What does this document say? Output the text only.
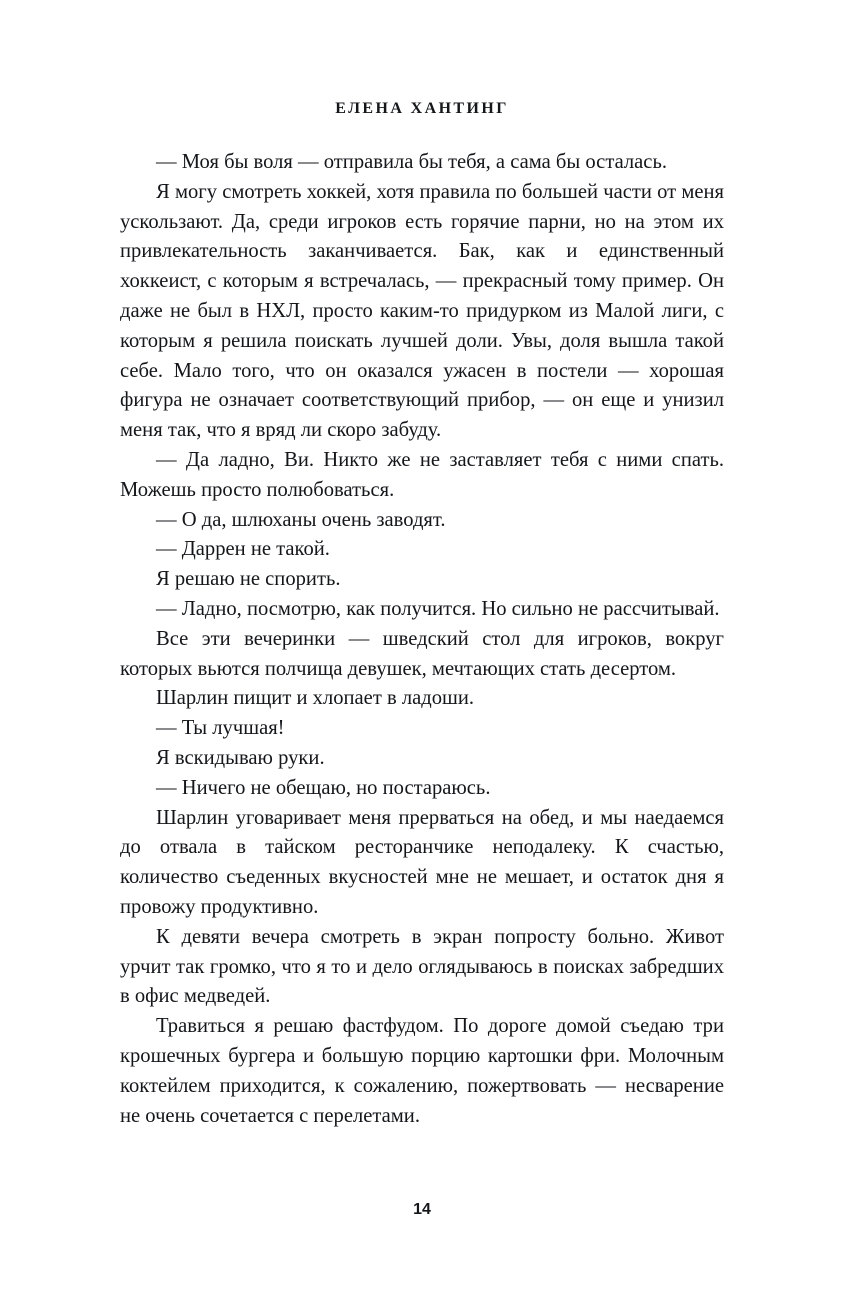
ЕЛЕНА ХАНТИНГ

— Моя бы воля — отправила бы тебя, а сама бы осталась.

Я могу смотреть хоккей, хотя правила по большей части от меня ускользают. Да, среди игроков есть горячие парни, но на этом их привлекательность заканчивается. Бак, как и единственный хоккеист, с которым я встречалась, — прекрасный тому пример. Он даже не был в НХЛ, просто каким-то придурком из Малой лиги, с которым я решила поискать лучшей доли. Увы, доля вышла такой себе. Мало того, что он оказался ужасен в постели — хорошая фигура не означает соответствующий прибор, — он еще и унизил меня так, что я вряд ли скоро забуду.

— Да ладно, Ви. Никто же не заставляет тебя с ними спать. Можешь просто полюбоваться.

— О да, шлюханы очень заводят.

— Даррен не такой.

Я решаю не спорить.

— Ладно, посмотрю, как получится. Но сильно не рассчитывай.

Все эти вечеринки — шведский стол для игроков, вокруг которых вьются полчища девушек, мечтающих стать десертом.

Шарлин пищит и хлопает в ладоши.

— Ты лучшая!

Я вскидываю руки.

— Ничего не обещаю, но постараюсь.

Шарлин уговаривает меня прерваться на обед, и мы наедаемся до отвала в тайском ресторанчике неподалеку. К счастью, количество съеденных вкусностей мне не мешает, и остаток дня я провожу продуктивно.

К девяти вечера смотреть в экран попросту больно. Живот урчит так громко, что я то и дело оглядываюсь в поисках забредших в офис медведей.

Травиться я решаю фастфудом. По дороге домой съедаю три крошечных бургера и большую порцию картошки фри. Молочным коктейлем приходится, к сожалению, пожертвовать — несварение не очень сочетается с перелетами.

14
